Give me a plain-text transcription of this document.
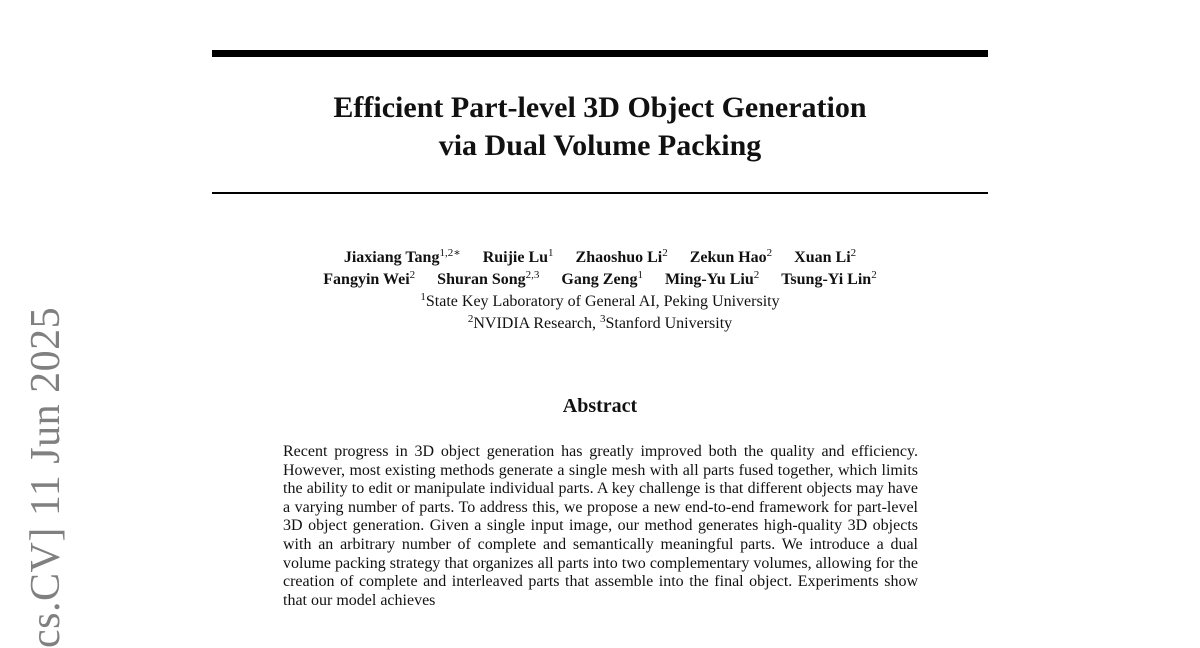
Efficient Part-level 3D Object Generation
via Dual Volume Packing
Jiaxiang Tang$^{1,2∗}$ Ruijie Lu$^1$ Zhaoshuo Li$^2$ Zekun Hao$^2$ Xuan Li$^2$
Fangyin Wei$^2$ Shuran Song$^{2,3}$ Gang Zeng$^1$ Ming-Yu Liu$^2$ Tsung-Yi Lin$^2$
$^1$State Key Laboratory of General AI, Peking University
$^2$NVIDIA Research, $^3$Stanford University
Abstract

Recent progress in 3D object generation has greatly improved both the quality and efficiency. However, most existing methods generate a single mesh with all parts fused together, which limits the ability to edit or manipulate individual parts. A key challenge is that different objects may have a varying number of parts. To address this, we propose a new end-to-end framework for part-level 3D object generation. Given a single input image, our method generates high-quality 3D objects with an arbitrary number of complete and semantically meaningful parts. We introduce a dual volume packing strategy that organizes all parts into two complementary volumes, allowing for the creation of complete and interleaved parts that assemble into the final object. Experiments show that our model achieves

cs.CV] 11 Jun 2025
